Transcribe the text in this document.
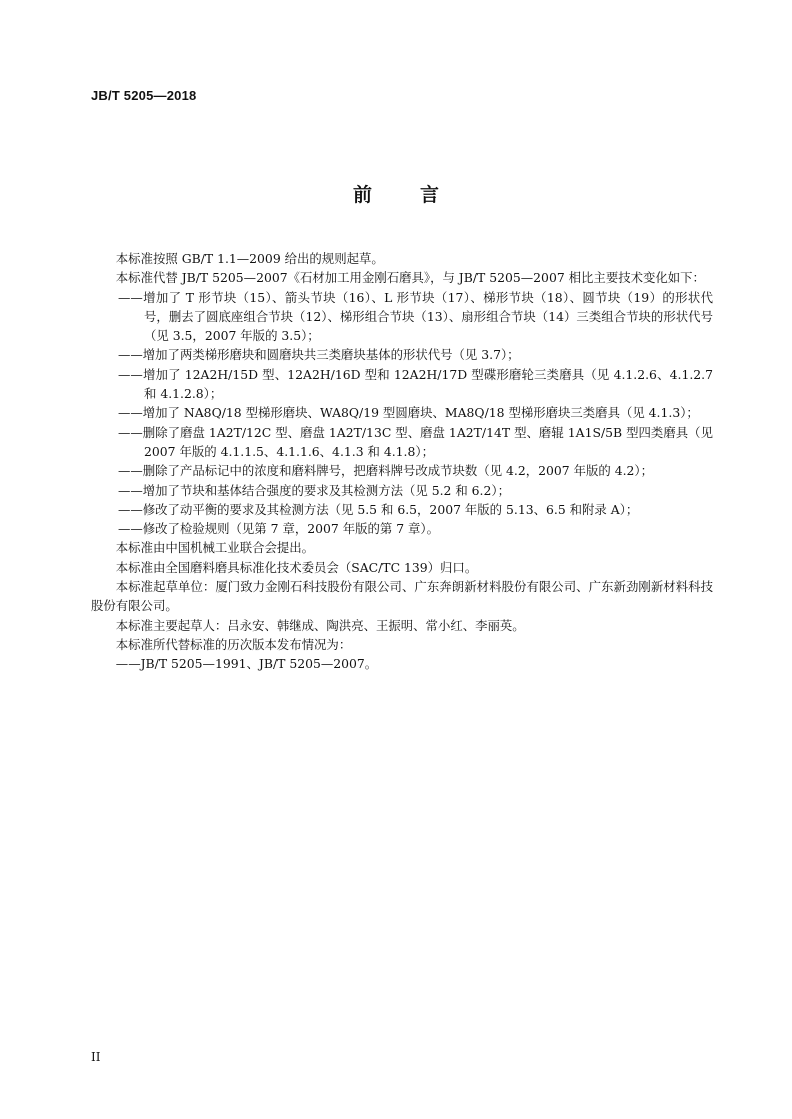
JB/T 5205—2018
前	言

本标准按照 GB/T 1.1—2009 给出的规则起草。

本标准代替 JB/T 5205—2007《石材加工用金刚石磨具》，与 JB/T 5205—2007 相比主要技术变化如下：

——增加了 T 形节块（15）、箭头节块（16）、L 形节块（17）、梯形节块（18）、圆节块（19）的形状代号，删去了圆底座组合节块（12）、梯形组合节块（13）、扇形组合节块（14）三类组合节块的形状代号（见 3.5，2007 年版的 3.5）；

——增加了两类梯形磨块和圆磨块共三类磨块基体的形状代号（见 3.7）；

——增加了 12A2H/15D 型、12A2H/16D 型和 12A2H/17D 型碟形磨轮三类磨具（见 4.1.2.6、4.1.2.7 和 4.1.2.8）；

——增加了 NA8Q/18 型梯形磨块、WA8Q/19 型圆磨块、MA8Q/18 型梯形磨块三类磨具（见 4.1.3）；

——删除了磨盘 1A2T/12C 型、磨盘 1A2T/13C 型、磨盘 1A2T/14T 型、磨辊 1A1S/5B 型四类磨具（见 2007 年版的 4.1.1.5、4.1.1.6、4.1.3 和 4.1.8）；

——删除了产品标记中的浓度和磨料牌号，把磨料牌号改成节块数（见 4.2，2007 年版的 4.2）；

——增加了节块和基体结合强度的要求及其检测方法（见 5.2 和 6.2）；

——修改了动平衡的要求及其检测方法（见 5.5 和 6.5，2007 年版的 5.13、6.5 和附录 A）；

——修改了检验规则（见第 7 章，2007 年版的第 7 章）。

本标准由中国机械工业联合会提出。

本标准由全国磨料磨具标准化技术委员会（SAC/TC 139）归口。

本标准起草单位：厦门致力金刚石科技股份有限公司、广东奔朗新材料股份有限公司、广东新劲刚新材料科技股份有限公司。

本标准主要起草人：吕永安、韩继成、陶洪亮、王振明、常小红、李丽英。

本标准所代替标准的历次版本发布情况为：

——JB/T 5205—1991、JB/T 5205—2007。

II
